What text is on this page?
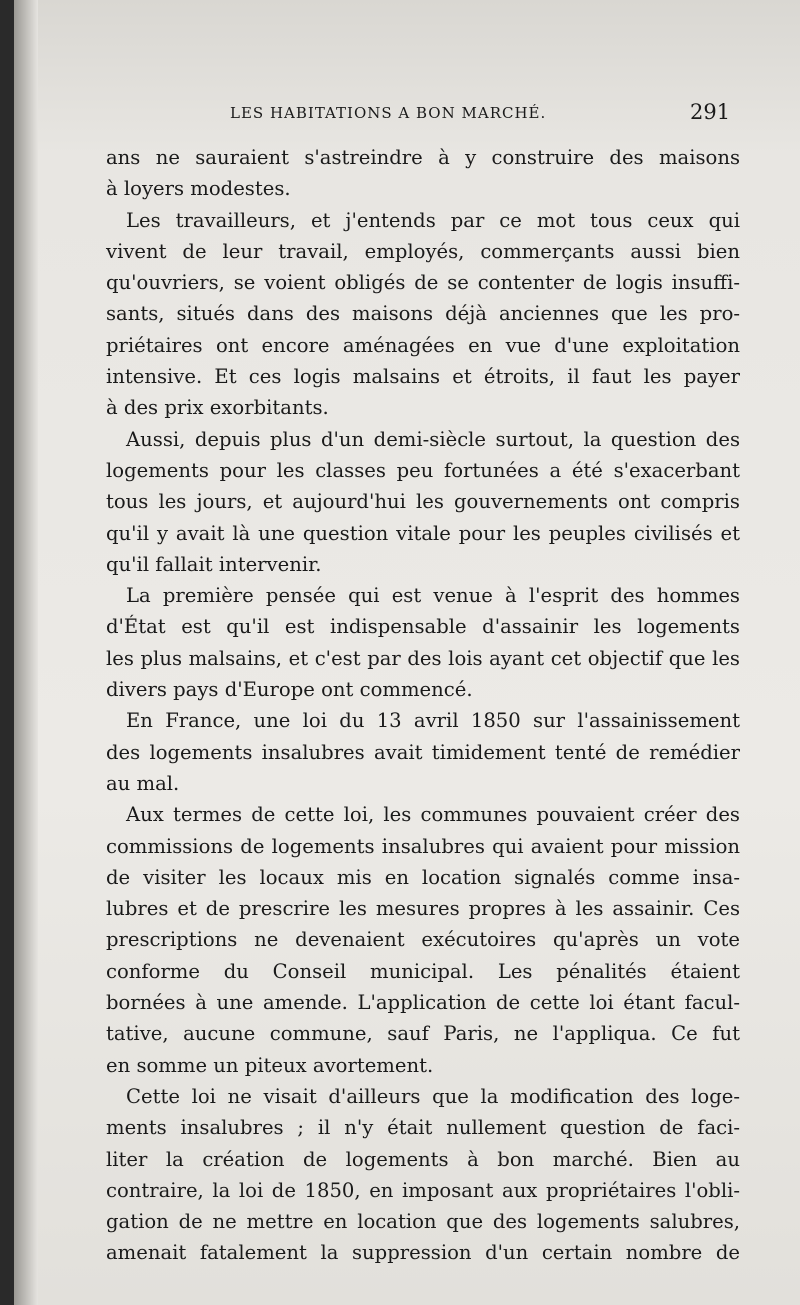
LES HABITATIONS A BON MARCHÉ.	291
ans ne sauraient s'astreindre à y construire des maisons
à loyers modestes.
Les travailleurs, et j'entends par ce mot tous ceux qui
vivent de leur travail, employés, commerçants aussi bien
qu'ouvriers, se voient obligés de se contenter de logis insuffi-
sants, situés dans des maisons déjà anciennes que les pro-
priétaires ont encore aménagées en vue d'une exploitation
intensive. Et ces logis malsains et étroits, il faut les payer
à des prix exorbitants.
Aussi, depuis plus d'un demi-siècle surtout, la question des
logements pour les classes peu fortunées a été s'exacerbant
tous les jours, et aujourd'hui les gouvernements ont compris
qu'il y avait là une question vitale pour les peuples civilisés et
qu'il fallait intervenir.
La première pensée qui est venue à l'esprit des hommes
d'État est qu'il est indispensable d'assainir les logements
les plus malsains, et c'est par des lois ayant cet objectif que les
divers pays d'Europe ont commencé.
En France, une loi du 13 avril 1850 sur l'assainissement
des logements insalubres avait timidement tenté de remédier
au mal.
Aux termes de cette loi, les communes pouvaient créer des
commissions de logements insalubres qui avaient pour mission
de visiter les locaux mis en location signalés comme insa-
lubres et de prescrire les mesures propres à les assainir. Ces
prescriptions ne devenaient exécutoires qu'après un vote
conforme du Conseil municipal. Les pénalités étaient
bornées à une amende. L'application de cette loi étant facul-
tative, aucune commune, sauf Paris, ne l'appliqua. Ce fut
en somme un piteux avortement.
Cette loi ne visait d'ailleurs que la modification des loge-
ments insalubres ; il n'y était nullement question de faci-
liter la création de logements à bon marché. Bien au
contraire, la loi de 1850, en imposant aux propriétaires l'obli-
gation de ne mettre en location que des logements salubres,
amenait fatalement la suppression d'un certain nombre de
